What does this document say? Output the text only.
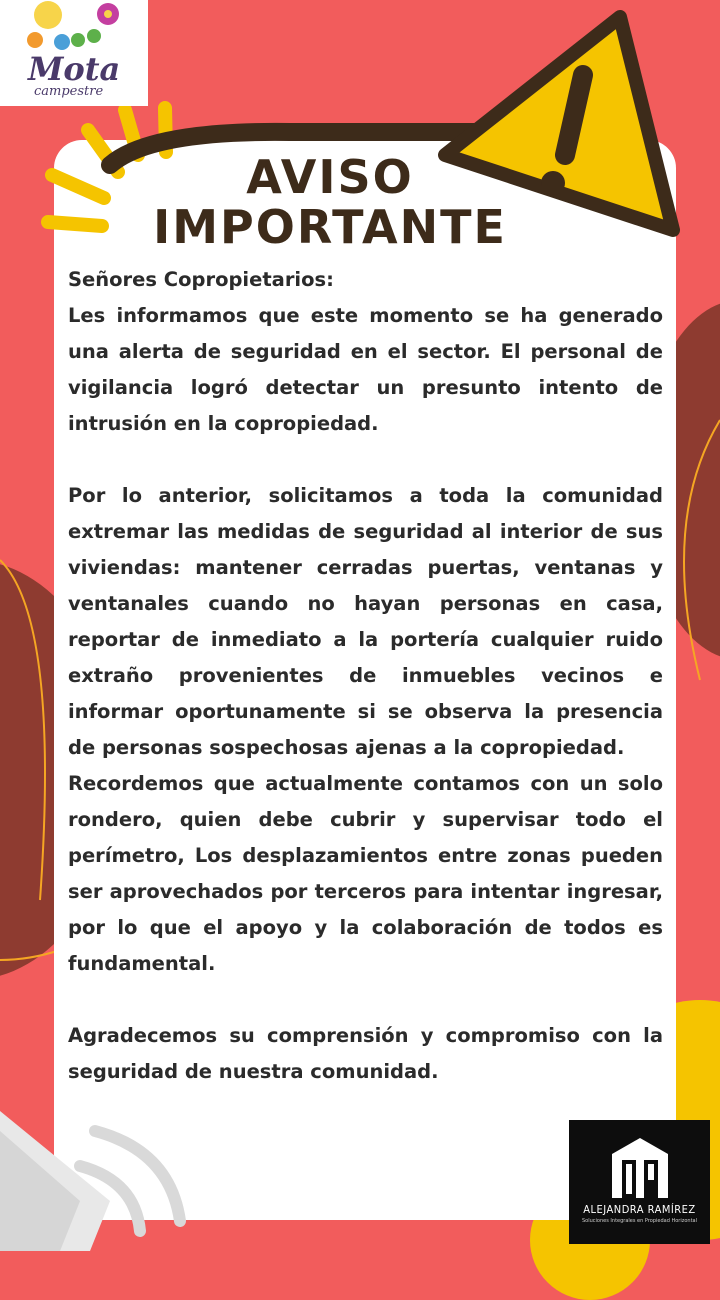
AVISO
IMPORTANTE
Mota
campestre

Señores Copropietarios:

Les informamos que este momento se ha generado una alerta de seguridad en el sector. El personal de vigilancia logró detectar un presunto intento de intrusión en la copropiedad.

Por lo anterior, solicitamos a toda la comunidad extremar las medidas de seguridad al interior de sus viviendas: mantener cerradas puertas, ventanas y ventanales cuando no hayan personas en casa, reportar de inmediato a la portería cualquier ruido extraño provenientes de inmuebles vecinos e informar oportunamente si se observa la presencia de personas sospechosas ajenas a la copropiedad.

Recordemos que actualmente contamos con un solo rondero, quien debe cubrir y supervisar todo el perímetro, Los desplazamientos entre zonas pueden ser aprovechados por terceros para intentar ingresar, por lo que el apoyo y la colaboración de todos es fundamental.

Agradecemos su comprensión y compromiso con la seguridad de nuestra comunidad.

ALEJANDRA RAMÍREZ
Soluciones Integrales en Propiedad Horizontal
